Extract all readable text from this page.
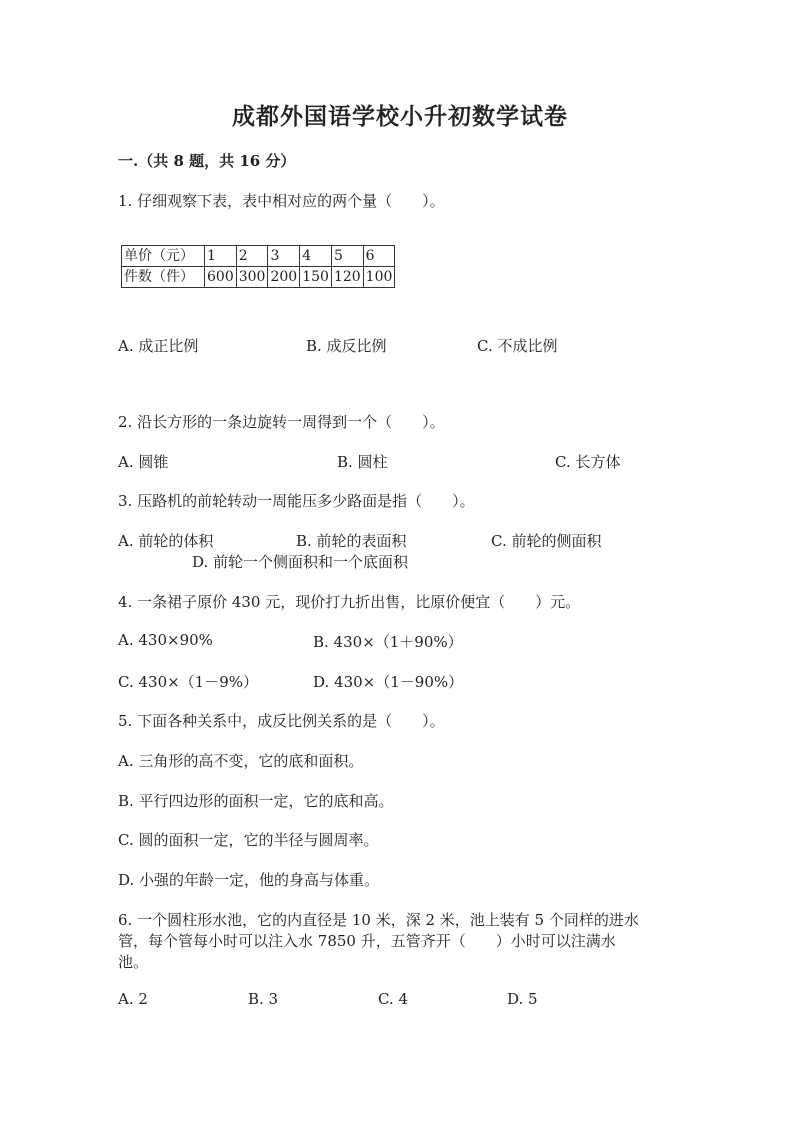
成都外国语学校小升初数学试卷
一.（共 8 题，共 16 分）
1. 仔细观察下表，表中相对应的两个量（　　）。
单价（元）	1	2	3	4	5	6
件数（件）	600	300	200	150	120	100
A. 成正比例	B. 成反比例	C. 不成比例
2. 沿长方形的一条边旋转一周得到一个（　　）。
A. 圆锥	B. 圆柱	C. 长方体
3. 压路机的前轮转动一周能压多少路面是指（　　）。
A. 前轮的体积	B. 前轮的表面积	C. 前轮的侧面积
D. 前轮一个侧面积和一个底面积
4. 一条裙子原价 430 元，现价打九折出售，比原价便宜（　　）元。
A. 430×90%	B. 430×（1＋90%）
C. 430×（1－9%）	D. 430×（1－90%）
5. 下面各种关系中，成反比例关系的是（　　）。
A. 三角形的高不变，它的底和面积。
B. 平行四边形的面积一定，它的底和高。
C. 圆的面积一定，它的半径与圆周率。
D. 小强的年龄一定，他的身高与体重。
6. 一个圆柱形水池，它的内直径是 10 米，深 2 米，池上装有 5 个同样的进水
管，每个管每小时可以注入水 7850 升，五管齐开（　　）小时可以注满水
池。
A. 2	B. 3	C. 4	D. 5
